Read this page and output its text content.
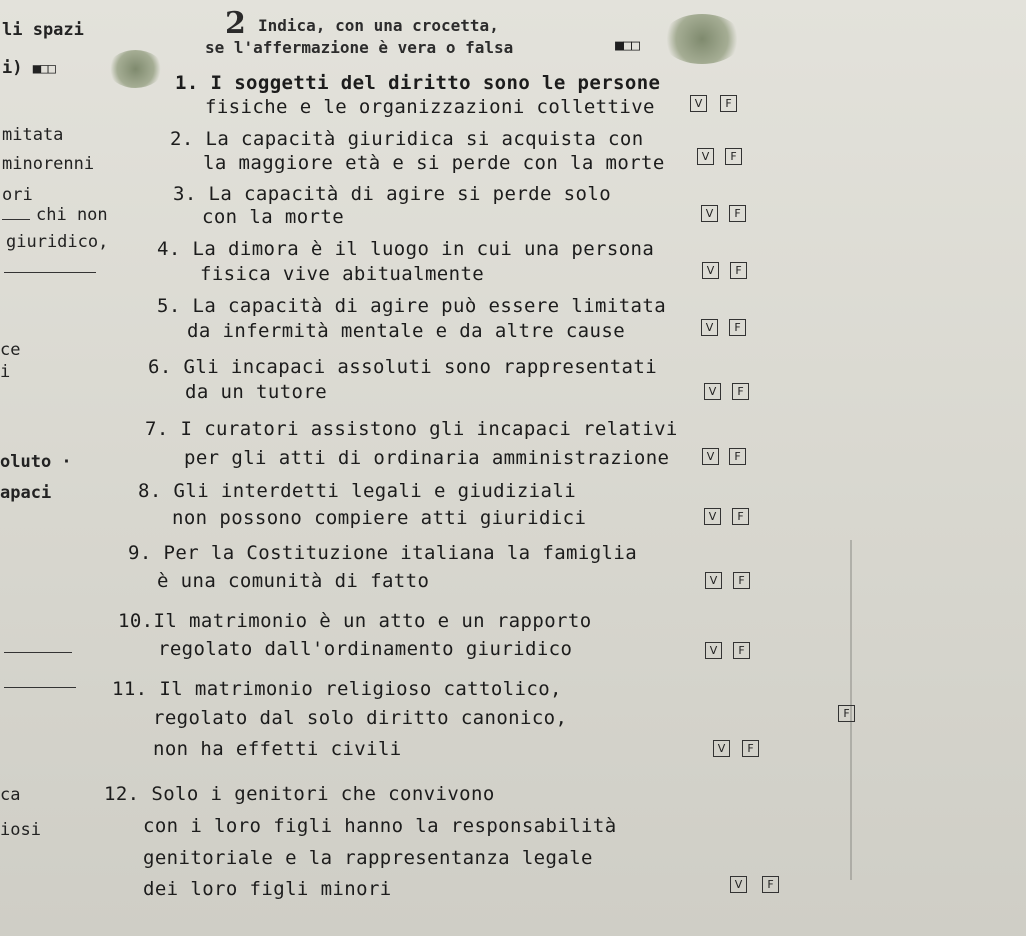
li spazi
i) ■□□
mitata
minorenni
ori
chi non
giuridico,
ce
i
oluto ·
apaci
ca
iosi
2 Indica, con una crocetta,
se l'affermazione è vera o falsa	■□□
1. I soggetti del diritto sono le persone
fisiche e le organizzazioni collettive	V	F
2. La capacità giuridica si acquista con
la maggiore età e si perde con la morte	V	F
3. La capacità di agire si perde solo
con la morte	V	F
4. La dimora è il luogo in cui una persona
fisica vive abitualmente	V	F
5. La capacità di agire può essere limitata
da infermità mentale e da altre cause	V	F
6. Gli incapaci assoluti sono rappresentati
da un tutore	V	F
7. I curatori assistono gli incapaci relativi
per gli atti di ordinaria amministrazione	V	F
8. Gli interdetti legali e giudiziali
non possono compiere atti giuridici	V	F
9. Per la Costituzione italiana la famiglia
è una comunità di fatto	V	F
10.Il matrimonio è un atto e un rapporto
regolato dall'ordinamento giuridico	V	F
11. Il matrimonio religioso cattolico,
regolato dal solo diritto canonico,
non ha effetti civili	V	F
F
12. Solo i genitori che convivono
con i loro figli hanno la responsabilità
genitoriale e la rappresentanza legale
dei loro figli minori	V	F
